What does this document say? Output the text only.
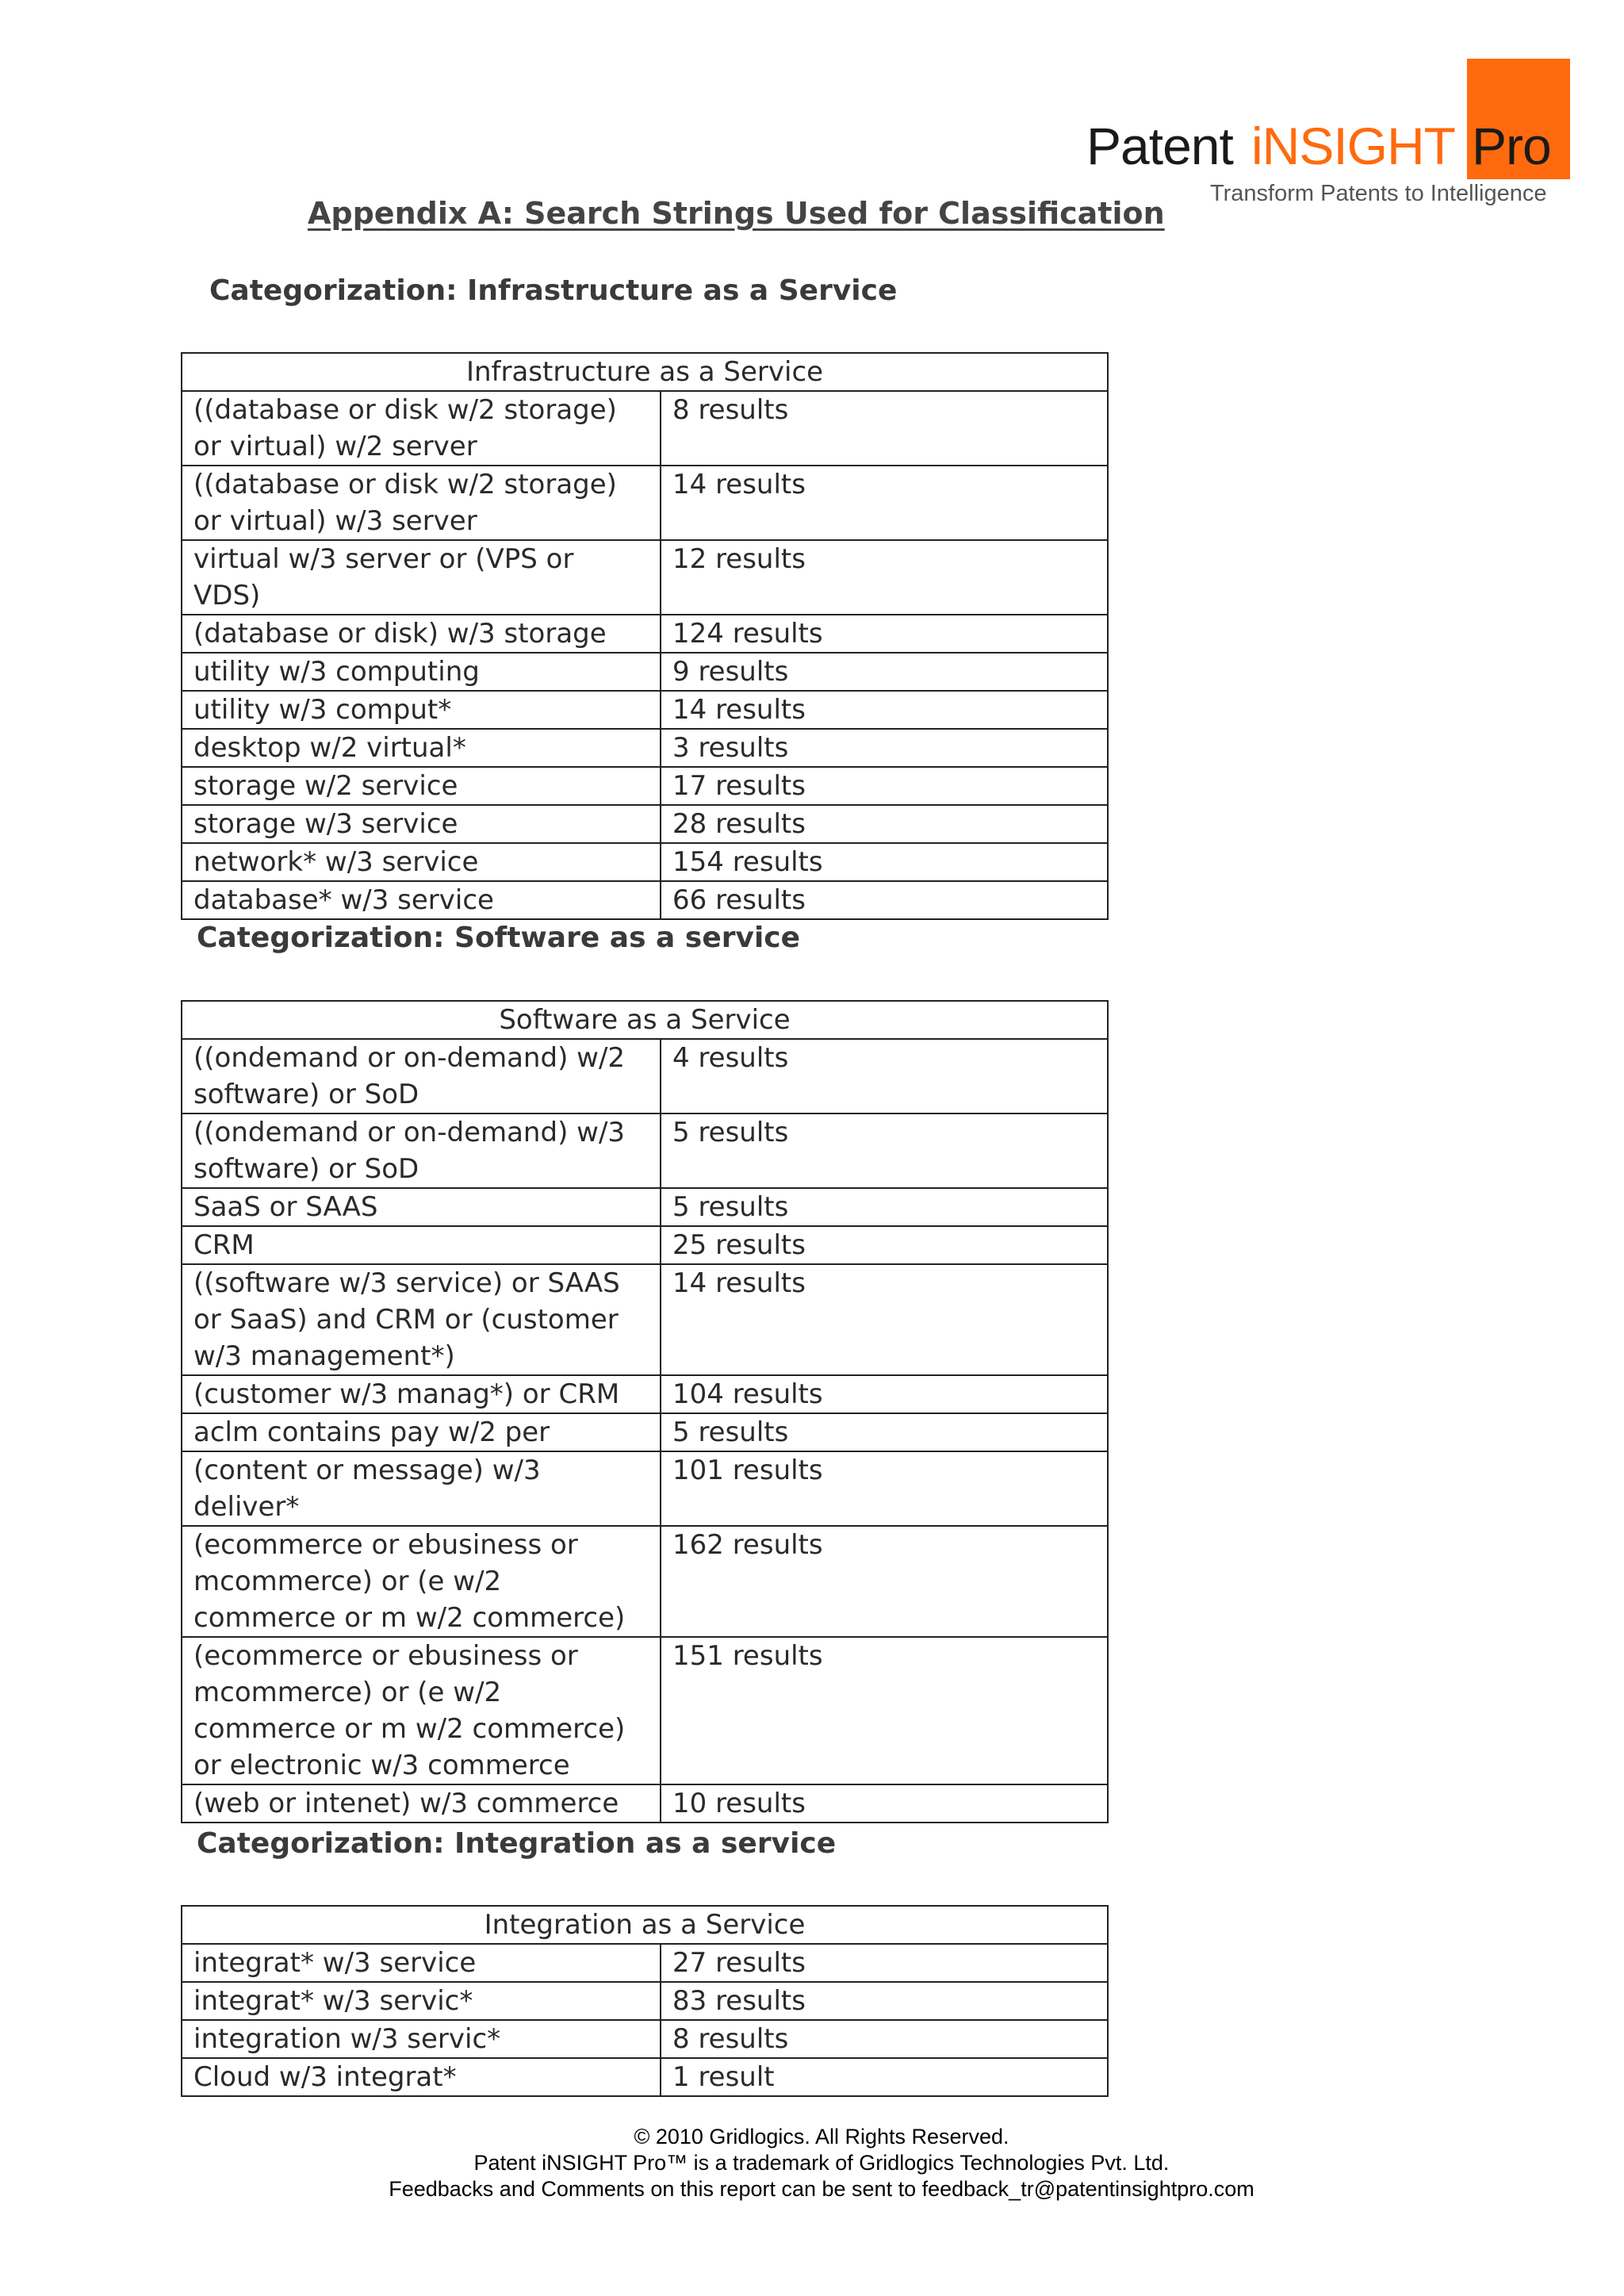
Patent iNSIGHT Pro
Transform Patents to Intelligence
Appendix A: Search Strings Used for Classification
Categorization: Infrastructure as a Service
Infrastructure as a Service	
((database or disk w/2 storage) or virtual) w/2 server	8 results
((database or disk w/2 storage) or virtual) w/3 server	14 results
virtual w/3 server or (VPS or VDS)	12 results
(database or disk) w/3 storage	124 results
utility w/3 computing	9 results
utility w/3 comput*	14 results
desktop w/2 virtual*	3 results
storage w/2 service	17 results
storage w/3 service	28 results
network* w/3 service	154 results
database* w/3 service	66 results
Categorization: Software as a service
Software as a Service	
((ondemand or on-demand) w/2 software) or SoD	4 results
((ondemand or on-demand) w/3 software) or SoD	5 results
SaaS or SAAS	5 results
CRM	25 results
((software w/3 service) or SAAS or SaaS) and CRM or (customer w/3 management*)	14 results
(customer w/3 manag*) or CRM	104 results
aclm contains pay w/2 per	5 results
(content or message) w/3 deliver*	101 results
(ecommerce or ebusiness or mcommerce) or (e w/2 commerce or m w/2 commerce)	162 results
(ecommerce or ebusiness or mcommerce) or (e w/2 commerce or m w/2 commerce) or electronic w/3 commerce	151 results
(web or intenet) w/3 commerce	10 results
Categorization: Integration as a service
Integration as a Service	
integrat* w/3 service	27 results
integrat* w/3 servic*	83 results
integration w/3 servic*	8 results
Cloud w/3 integrat*	1 result
© 2010 Gridlogics. All Rights Reserved.
Patent iNSIGHT Pro™ is a trademark of Gridlogics Technologies Pvt. Ltd.
Feedbacks and Comments on this report can be sent to feedback_tr@patentinsightpro.com
